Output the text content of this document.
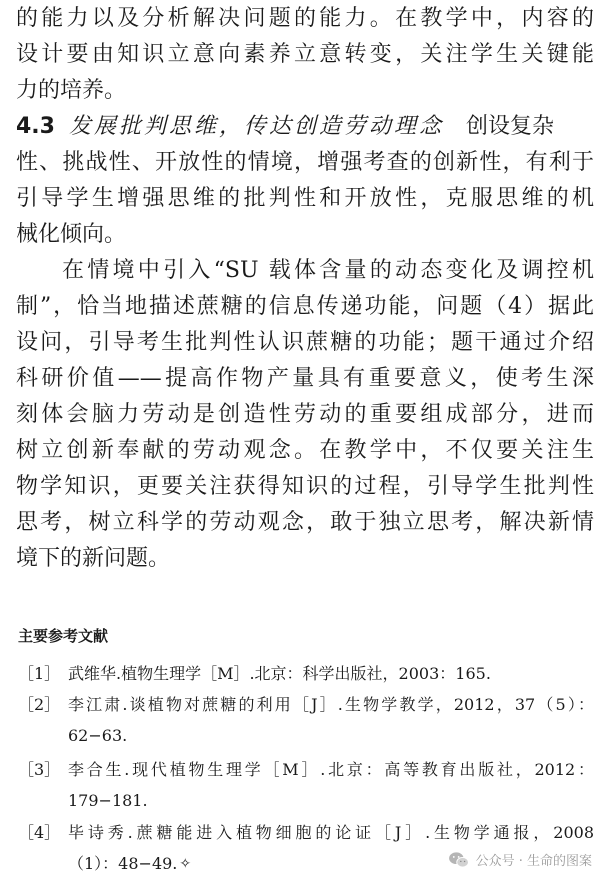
的能力以及分析解决问题的能力。在教学中，内容的
设计要由知识立意向素养立意转变，关注学生关键能
力的培养。
4.3 发展批判思维，传达创造劳动理念 创设复杂
性、挑战性、开放性的情境，增强考查的创新性，有利于
引导学生增强思维的批判性和开放性，克服思维的机
械化倾向。
在情境中引入“SU 载体含量的动态变化及调控机
制”，恰当地描述蔗糖的信息传递功能，问题（4）据此
设问，引导考生批判性认识蔗糖的功能；题干通过介绍
科研价值——提高作物产量具有重要意义，使考生深
刻体会脑力劳动是创造性劳动的重要组成部分，进而
树立创新奉献的劳动观念。在教学中，不仅要关注生
物学知识，更要关注获得知识的过程，引导学生批判性
思考，树立科学的劳动观念，敢于独立思考，解决新情
境下的新问题。
主要参考文献
［1］ 武维华.植物生理学［M］.北京：科学出版社，2003：165.
［2］ 李江肃.谈植物对蔗糖的利用［J］.生物学教学，2012，37（5）：
62−63.
［3］ 李合生.现代植物生理学［M］.北京：高等教育出版社，2012：
179−181.
［4］ 毕诗秀.蔗糖能进入植物细胞的论证［J］.生物学通报，2008
（1）：48−49. ✧	公众号 · 生命的图案
